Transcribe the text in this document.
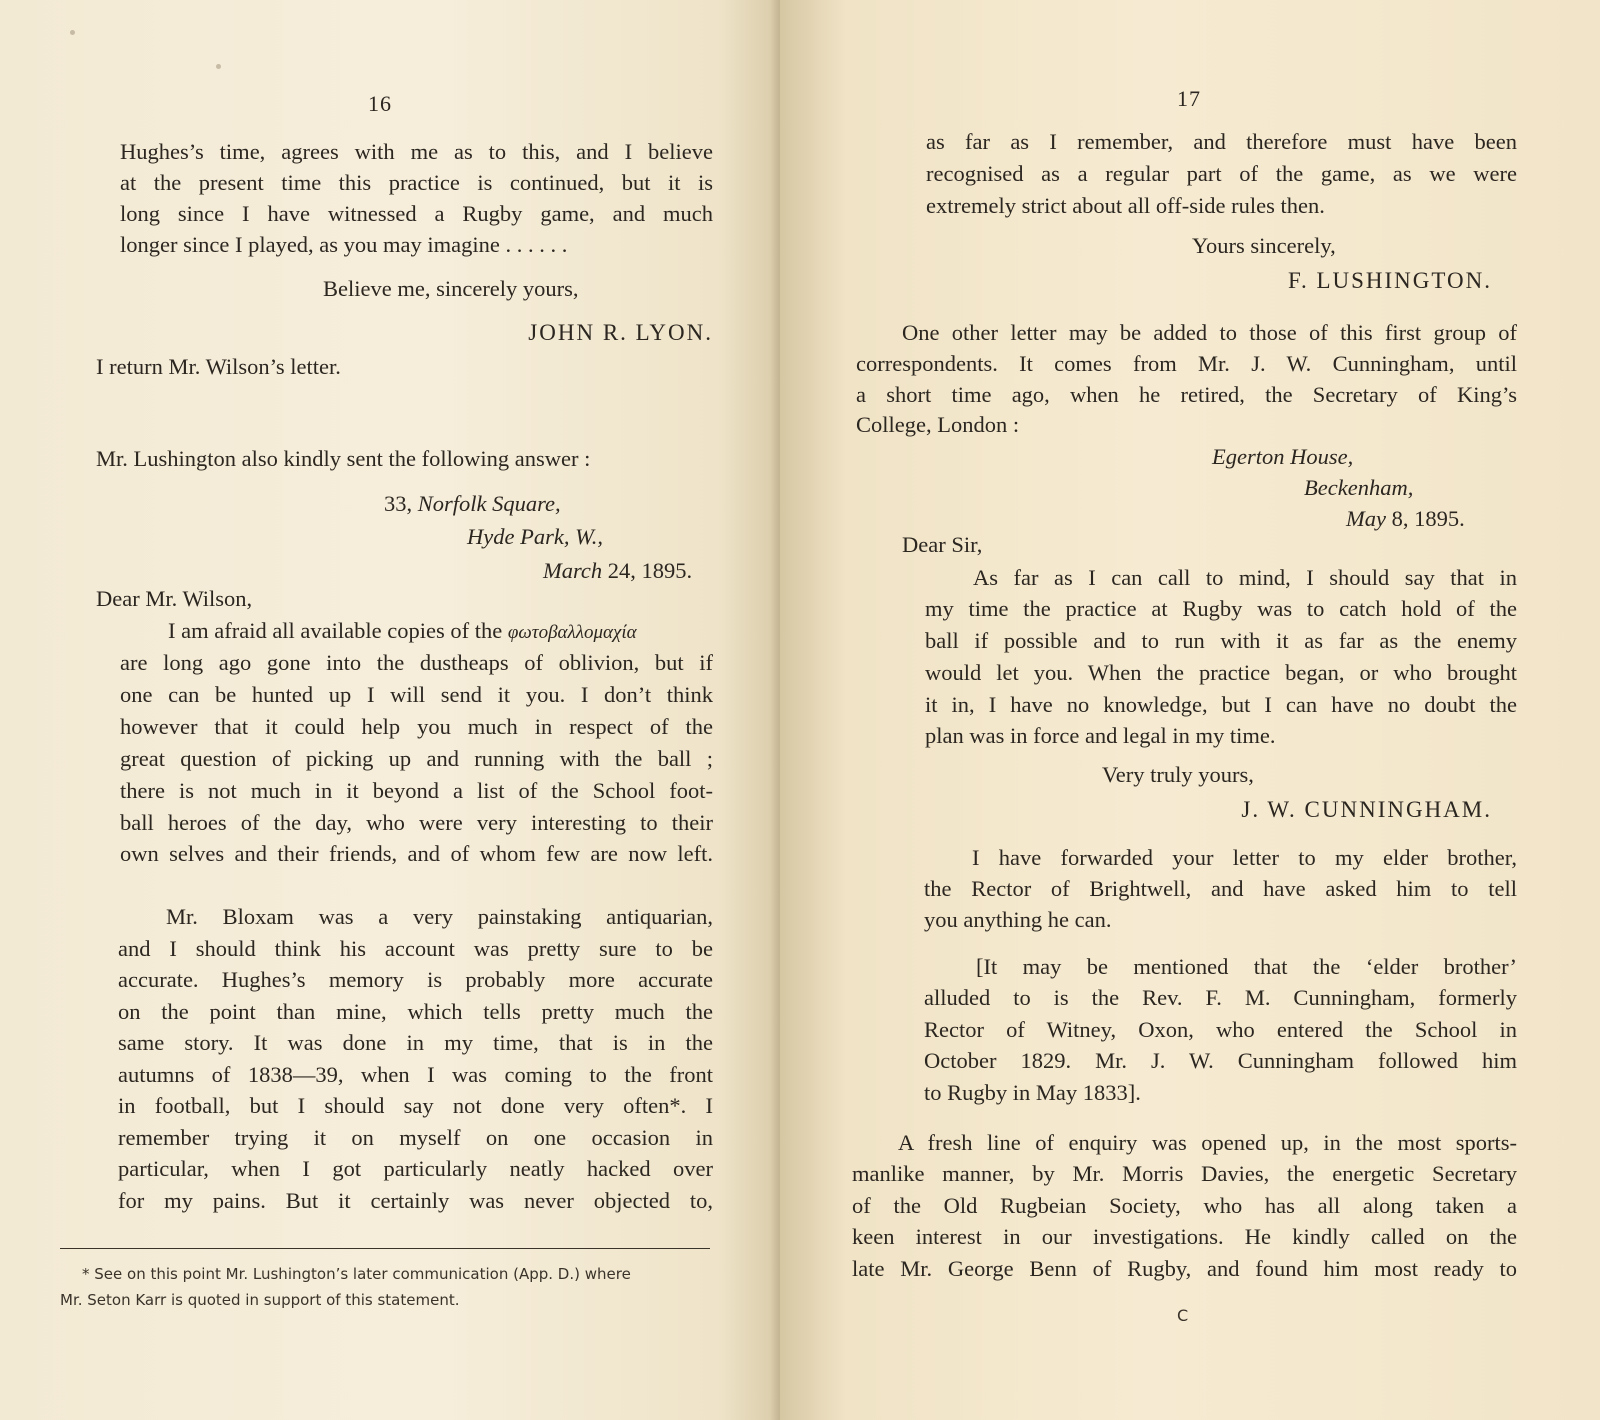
16
Hughes’s time, agrees with me as to this, and I believe
at the present time this practice is continued, but it is
long since I have witnessed a Rugby game, and much
longer since I played, as you may imagine . . . . . .
Believe me, sincerely yours,
JOHN R. LYON.
I return Mr. Wilson’s letter.
Mr. Lushington also kindly sent the following answer :
33, Norfolk Square,
Hyde Park, W.,
March 24, 1895.
Dear Mr. Wilson,
I am afraid all available copies of the φωτοβαλλομαχία
are long ago gone into the dustheaps of oblivion, but if
one can be hunted up I will send it you. I don’t think
however that it could help you much in respect of the
great question of picking up and running with the ball ;
there is not much in it beyond a list of the School foot-
ball heroes of the day, who were very interesting to their
own selves and their friends, and of whom few are now left.
Mr. Bloxam was a very painstaking antiquarian,
and I should think his account was pretty sure to be
accurate. Hughes’s memory is probably more accurate
on the point than mine, which tells pretty much the
same story. It was done in my time, that is in the
autumns of 1838—39, when I was coming to the front
in football, but I should say not done very often*. I
remember trying it on myself on one occasion in
particular, when I got particularly neatly hacked over
for my pains. But it certainly was never objected to,
* See on this point Mr. Lushington’s later communication (App. D.) where
Mr. Seton Karr is quoted in support of this statement.
17
as far as I remember, and therefore must have been
recognised as a regular part of the game, as we were
extremely strict about all off-side rules then.
Yours sincerely,
F. LUSHINGTON.
One other letter may be added to those of this first group of
correspondents. It comes from Mr. J. W. Cunningham, until
a short time ago, when he retired, the Secretary of King’s
College, London :
Egerton House,
Beckenham,
May 8, 1895.
Dear Sir,
As far as I can call to mind, I should say that in
my time the practice at Rugby was to catch hold of the
ball if possible and to run with it as far as the enemy
would let you. When the practice began, or who brought
it in, I have no knowledge, but I can have no doubt the
plan was in force and legal in my time.
Very truly yours,
J. W. CUNNINGHAM.
I have forwarded your letter to my elder brother,
the Rector of Brightwell, and have asked him to tell
you anything he can.
[It may be mentioned that the ‘elder brother’
alluded to is the Rev. F. M. Cunningham, formerly
Rector of Witney, Oxon, who entered the School in
October 1829. Mr. J. W. Cunningham followed him
to Rugby in May 1833].
A fresh line of enquiry was opened up, in the most sports-
manlike manner, by Mr. Morris Davies, the energetic Secretary
of the Old Rugbeian Society, who has all along taken a
keen interest in our investigations. He kindly called on the
late Mr. George Benn of Rugby, and found him most ready to
C
